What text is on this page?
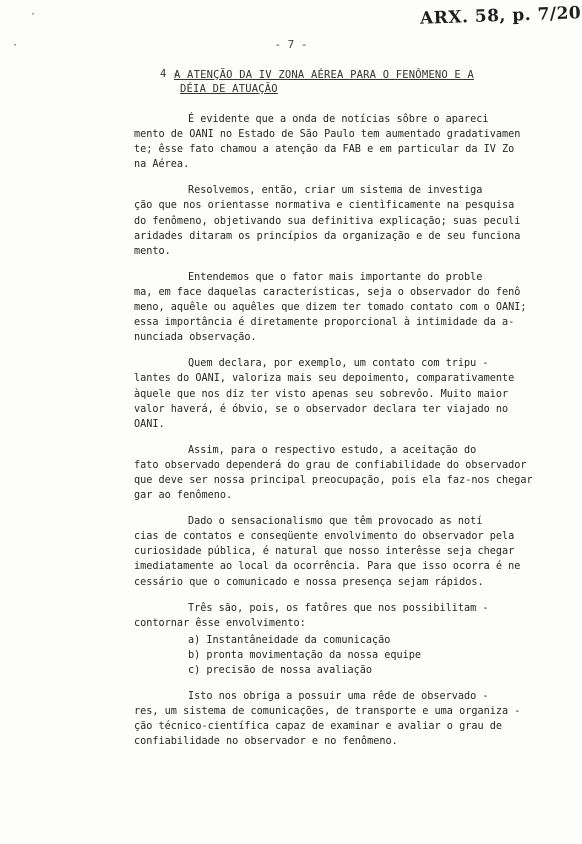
ARX. 58, p. 7/20
·
·	- 7 -
4 -
A ATENÇÃO DA IV ZONA AÉREA PARA O FENÔMENO E A
DÉIA DE ATUAÇÃO
É evidente que a onda de notícias sôbre o apareci
mento de OANI no Estado de São Paulo tem aumentado gradativamen
te; êsse fato chamou a atenção da FAB e em particular da IV Zo
na Aérea.
Resolvemos, então, criar um sistema de investiga
ção que nos orientasse normativa e cientìficamente na pesquisa
do fenômeno, objetivando sua definitiva explicação; suas peculi
aridades ditaram os princípios da organização e de seu funciona
mento.
Entendemos que o fator mais importante do proble
ma, em face daquelas características, seja o observador do fenô
meno, aquêle ou aquêles que dizem ter tomado contato com o OANI;
essa importância é diretamente proporcional à intimidade da a-
nunciada observação.
Quem declara, por exemplo, um contato com tripu -
lantes do OANI, valoriza mais seu depoimento, comparativamente
àquele que nos diz ter visto apenas seu sobrevôo. Muito maior
valor haverá, é óbvio, se o observador declara ter viajado no
OANI.
Assim, para o respectivo estudo, a aceitação do
fato observado dependerá do grau de confiabilidade do observador
que deve ser nossa principal preocupação, pois ela faz-nos chegar
gar ao fenômeno.
Dado o sensacionalismo que têm provocado as notí
cias de contatos e conseqüente envolvimento do observador pela
curiosidade pública, é natural que nosso interêsse seja chegar
imediatamente ao local da ocorrência. Para que isso ocorra é ne
cessário que o comunicado e nossa presença sejam rápidos.
Três são, pois, os fatôres que nos possibilitam -
contornar êsse envolvimento:
a) Instantâneidade da comunicação
b) pronta movimentação da nossa equipe
c) precisão de nossa avaliação
Isto nos obriga a possuir uma rêde de observado -
res, um sistema de comunicações, de transporte e uma organiza -
ção técnico-científica capaz de examinar e avaliar o grau de
confiabilidade no observador e no fenômeno.
